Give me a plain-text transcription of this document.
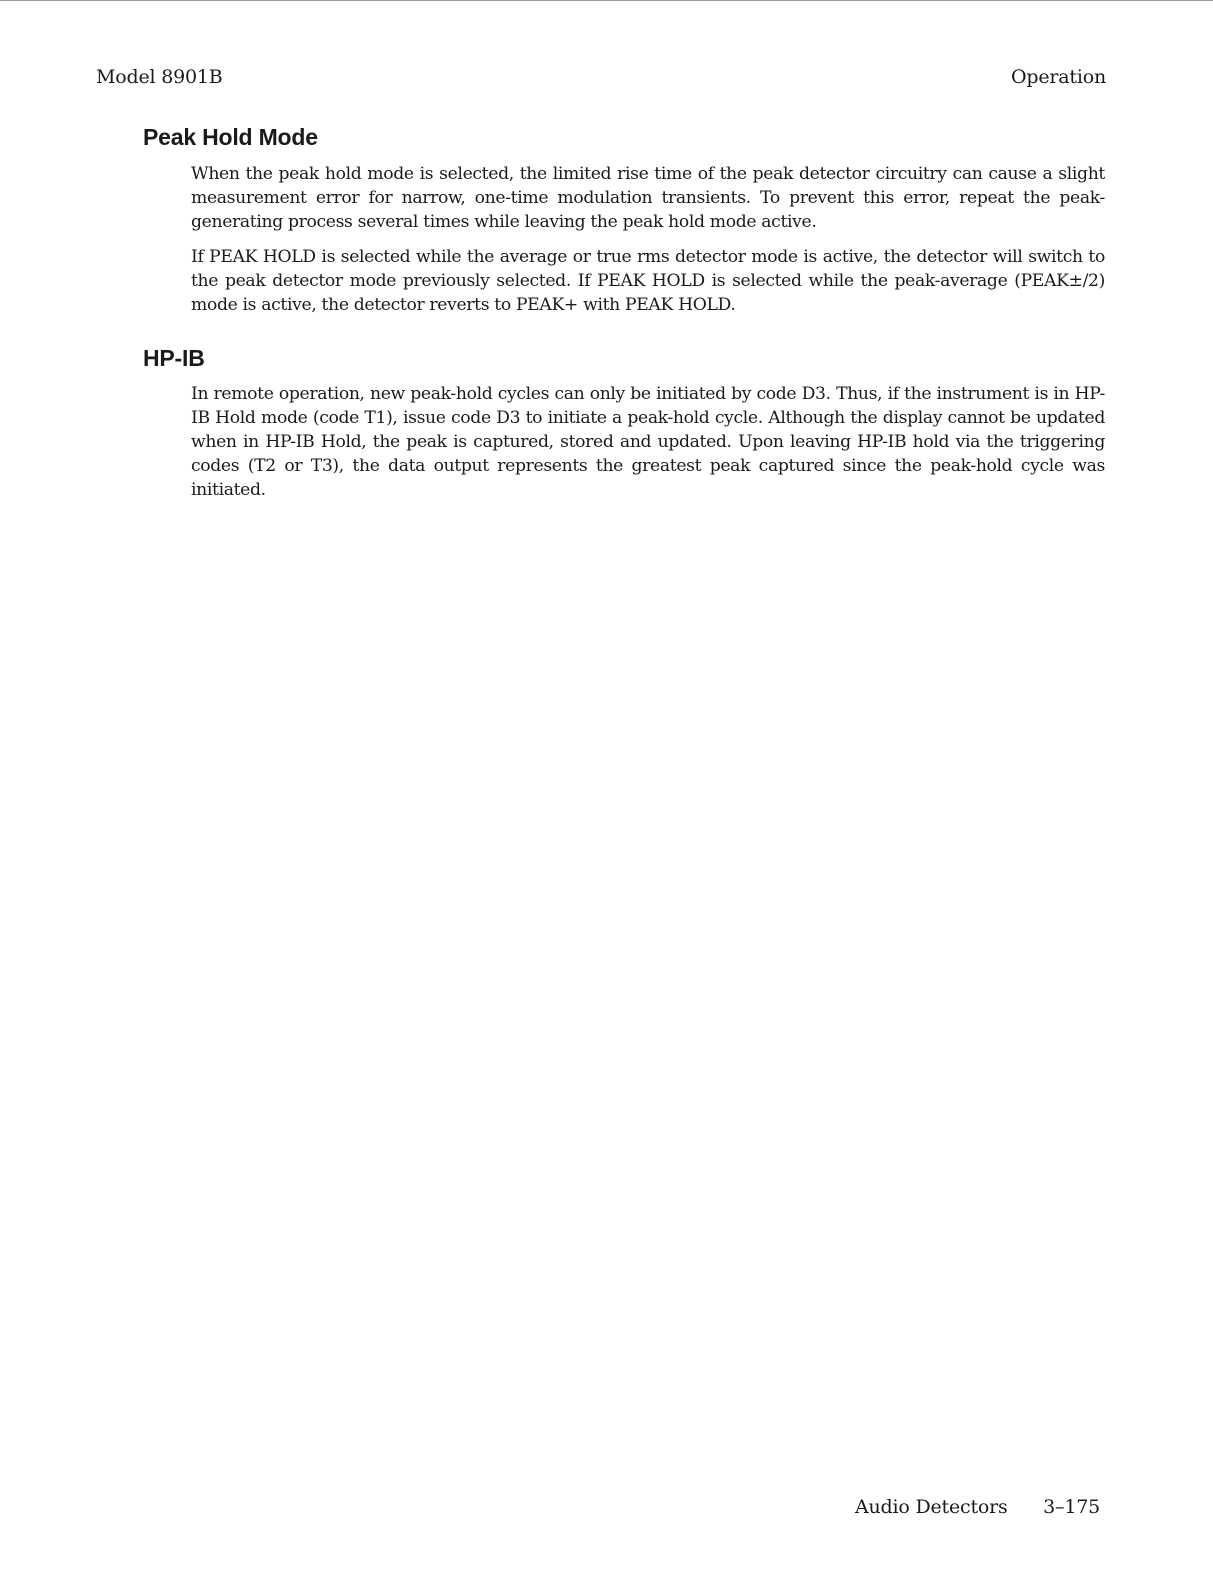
Model 8901B	Operation
Peak Hold Mode

When the peak hold mode is selected, the limited rise time of the peak detector circuitry can cause a slight measurement error for narrow, one-time modulation transients. To prevent this error, repeat the peak-generating process several times while leaving the peak hold mode active.

If PEAK HOLD is selected while the average or true rms detector mode is active, the detector will switch to the peak detector mode previously selected. If PEAK HOLD is selected while the peak-average (PEAK±/2) mode is active, the detector reverts to PEAK+ with PEAK HOLD.

HP-IB

In remote operation, new peak-hold cycles can only be initiated by code D3. Thus, if the instrument is in HP-IB Hold mode (code T1), issue code D3 to initiate a peak-hold cycle. Although the display cannot be updated when in HP-IB Hold, the peak is captured, stored and updated. Upon leaving HP-IB hold via the triggering codes (T2 or T3), the data output represents the greatest peak captured since the peak-hold cycle was initiated.

Audio Detectors 3–175
